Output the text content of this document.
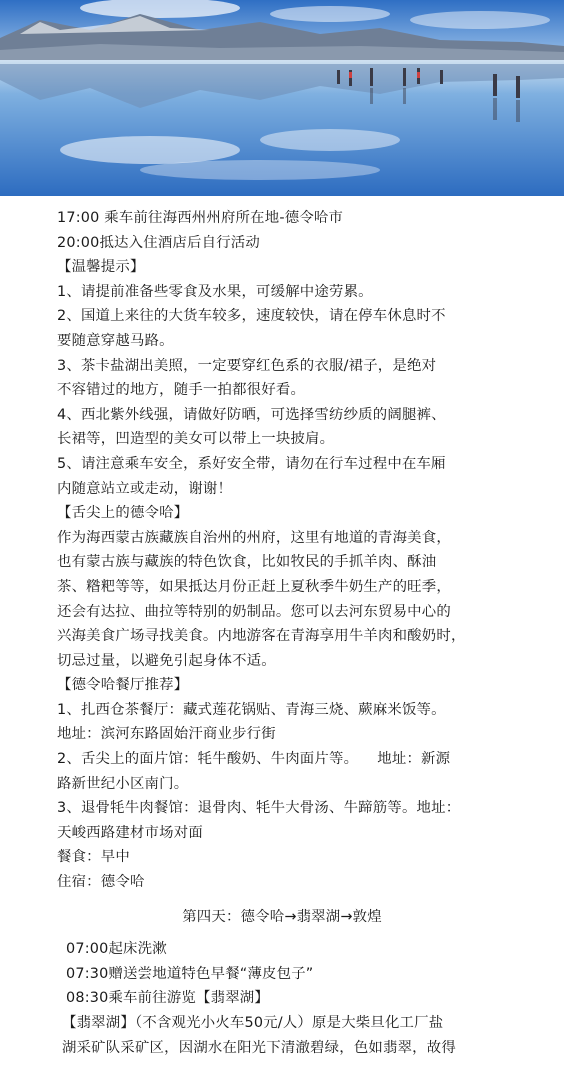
17:00 乘车前往海西州州府所在地-德令哈市
20:00抵达入住酒店后自行活动
【温馨提示】
1、请提前准备些零食及水果，可缓解中途劳累。
2、国道上来往的大货车较多，速度较快，请在停车休息时不
要随意穿越马路。
3、茶卡盐湖出美照，一定要穿红色系的衣服/裙子，是绝对
不容错过的地方，随手一拍都很好看。
4、西北紫外线强，请做好防晒，可选择雪纺纱质的阔腿裤、
长裙等，凹造型的美女可以带上一块披肩。
5、请注意乘车安全，系好安全带，请勿在行车过程中在车厢
内随意站立或走动，谢谢！
【舌尖上的德令哈】
作为海西蒙古族藏族自治州的州府，这里有地道的青海美食，
也有蒙古族与藏族的特色饮食，比如牧民的手抓羊肉、酥油
茶、糌粑等等，如果抵达月份正赶上夏秋季牛奶生产的旺季，
还会有达拉、曲拉等特别的奶制品。您可以去河东贸易中心的
兴海美食广场寻找美食。内地游客在青海享用牛羊肉和酸奶时，
切忌过量，以避免引起身体不适。
【德令哈餐厅推荐】
1、扎西仓茶餐厅：藏式莲花锅贴、青海三烧、蕨麻米饭等。
地址：滨河东路固始汗商业步行街
2、舌尖上的面片馆：牦牛酸奶、牛肉面片等。    地址：新源
路新世纪小区南门。
3、退骨牦牛肉餐馆：退骨肉、牦牛大骨汤、牛蹄筋等。地址：
天峻西路建材市场对面
餐食：早中
住宿：德令哈
第四天：德令哈→翡翠湖→敦煌
07:00起床洗漱
07:30赠送尝地道特色早餐“薄皮包子”
08:30乘车前往游览【翡翠湖】
【翡翠湖】（不含观光小火车50元/人）原是大柴旦化工厂盐
湖采矿队采矿区，因湖水在阳光下清澈碧绿，色如翡翠，故得
